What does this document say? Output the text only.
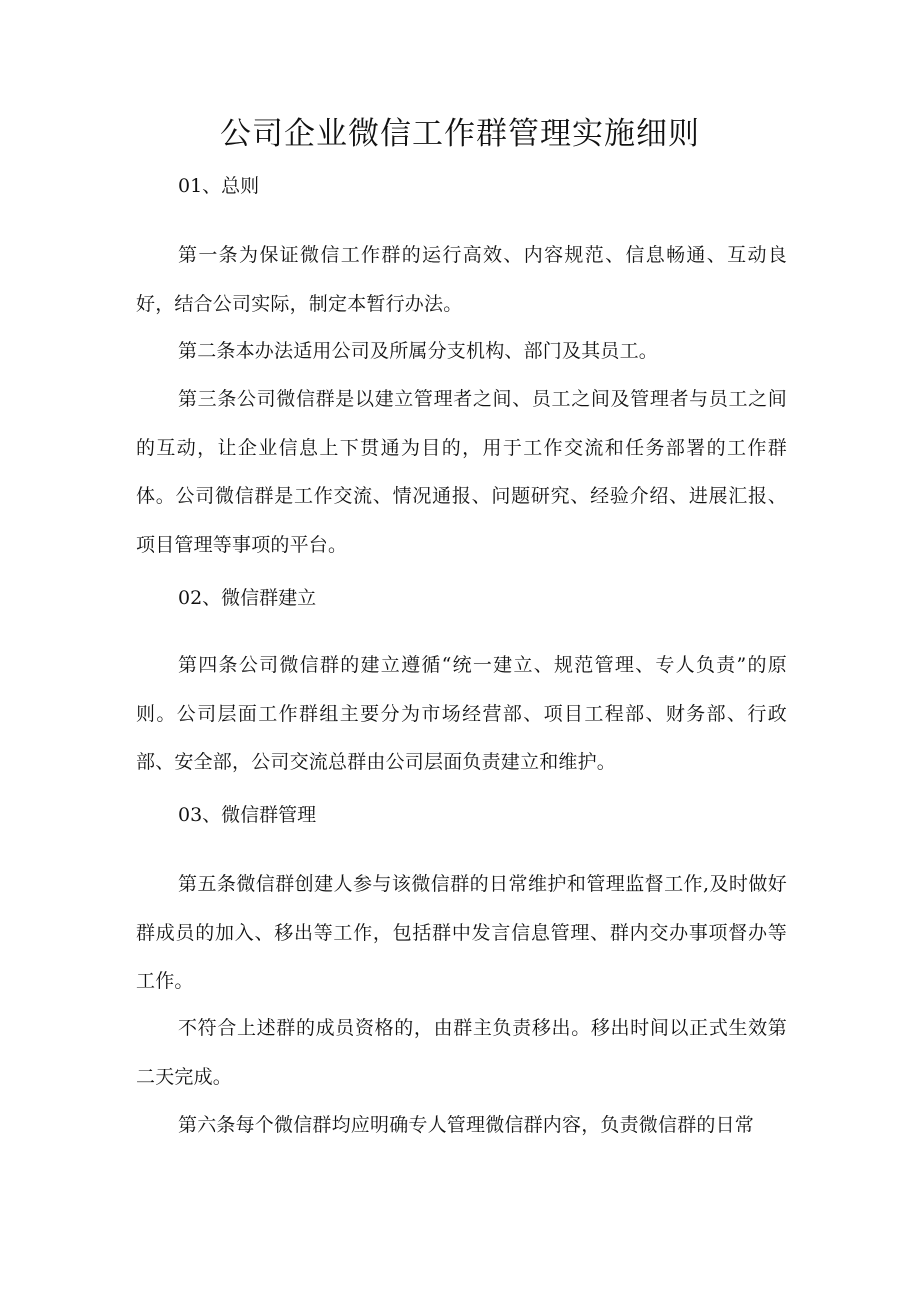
公司企业微信工作群管理实施细则
01、总则

第一条为保证微信工作群的运行高效、内容规范、信息畅通、互动良好，结合公司实际，制定本暂行办法。

第二条本办法适用公司及所属分支机构、部门及其员工。

第三条公司微信群是以建立管理者之间、员工之间及管理者与员工之间的互动，让企业信息上下贯通为目的，用于工作交流和任务部署的工作群体。公司微信群是工作交流、情况通报、问题研究、经验介绍、进展汇报、项目管理等事项的平台。

02、微信群建立

第四条公司微信群的建立遵循“统一建立、规范管理、专人负责”的原则。公司层面工作群组主要分为市场经营部、项目工程部、财务部、行政部、安全部，公司交流总群由公司层面负责建立和维护。

03、微信群管理

第五条微信群创建人参与该微信群的日常维护和管理监督工作,及时做好群成员的加入、移出等工作，包括群中发言信息管理、群内交办事项督办等工作。

不符合上述群的成员资格的，由群主负责移出。移出时间以正式生效第二天完成。

第六条每个微信群均应明确专人管理微信群内容，负责微信群的日常
